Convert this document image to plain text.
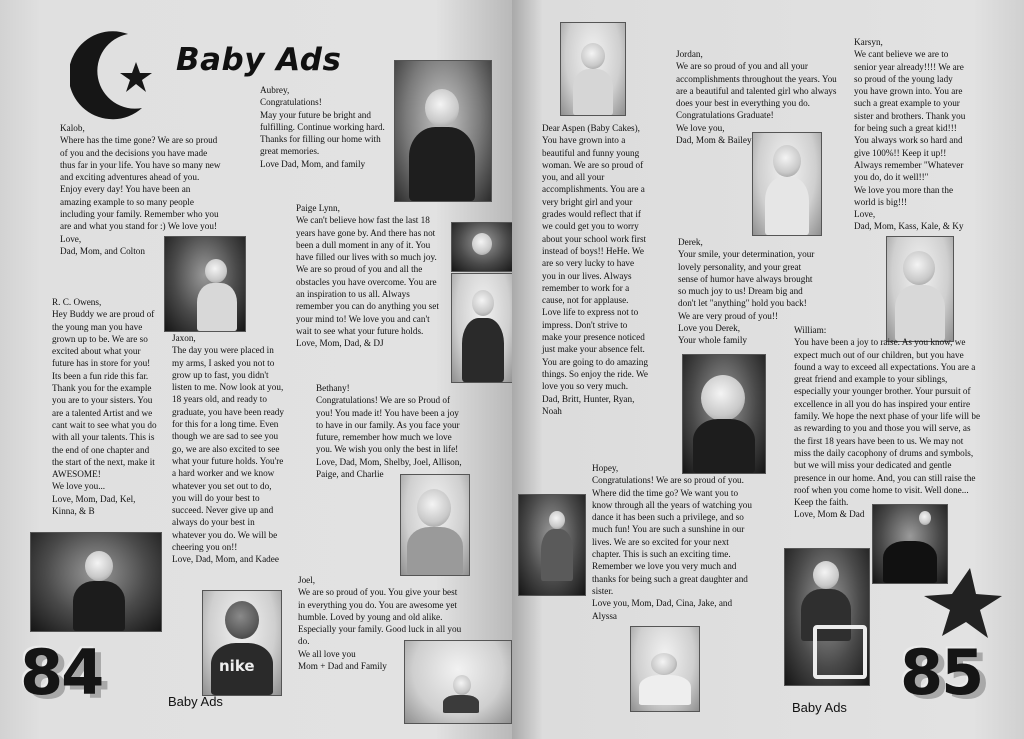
Baby Ads

Kalob,
Where has the time gone? We are so proud
of you and the decisions you have made
thus far in your life. You have so many new
and exciting adventures ahead of you.
Enjoy every day! You have been an
amazing example to so many people
including your family. Remember who you
are and what you stand for :) We love you!
Love,
Dad, Mom, and Colton

Aubrey,
Congratulations!
May your future be bright and
fulfilling. Continue working hard.
Thanks for filling our home with
great memories.
Love Dad, Mom, and family

Paige Lynn,
We can't believe how fast the last 18
years have gone by. And there has not
been a dull moment in any of it. You
have filled our lives with so much joy.
We are so proud of you and all the
obstacles you have overcome. You are
an inspiration to us all. Always
remember you can do anything you set
your mind to! We love you and can't
wait to see what your future holds.
Love, Mom, Dad, & DJ

R. C. Owens,
Hey Buddy we are proud of
the young man you have
grown up to be. We are so
excited about what your
future has in store for you!
Its been a fun ride this far.
Thank you for the example
you are to your sisters. You
are a talented Artist and we
cant wait to see what you do
with all your talents. This is
the end of one chapter and
the start of the next, make it
AWESOME!
We love you...
Love, Mom, Dad, Kel,
Kinna, & B

Jaxon,
The day you were placed in
my arms, I asked you not to
grow up to fast, you didn't
listen to me. Now look at you,
18 years old, and ready to
graduate, you have been ready
for this for a long time. Even
though we are sad to see you
go, we are also excited to see
what your future holds. You're
a hard worker and we know
whatever you set out to do,
you will do your best to
succeed. Never give up and
always do your best in
whatever you do. We will be
cheering you on!!
Love, Dad, Mom, and Kadee

Bethany!
Congratulations! We are so Proud of
you! You made it! You have been a joy
to have in our family. As you face your
future, remember how much we love
you. We wish you only the best in life!
Love, Dad, Mom, Shelby, Joel, Allison,
Paige, and Charlie

nike

Joel,
We are so proud of you. You give your best
in everything you do. You are awesome yet
humble. Loved by young and old alike.
Especially your family. Good luck in all you
do.
We all love you
Mom + Dad and Family

84	Baby Ads

Dear Aspen (Baby Cakes),
You have grown into a
beautiful and funny young
woman. We are so proud of
you, and all your
accomplishments. You are a
very bright girl and your
grades would reflect that if
we could get you to worry
about your school work first
instead of boys!! HeHe. We
are so very lucky to have
you in our lives. Always
remember to work for a
cause, not for applause.
Love life to express not to
impress. Don't strive to
make your presence noticed
just make your absence felt.
You are going to do amazing
things. So enjoy the ride. We
love you so very much.
Dad, Britt, Hunter, Ryan,
Noah

Jordan,
We are so proud of you and all your
accomplishments throughout the years. You
are a beautiful and talented girl who always
does your best in everything you do.
Congratulations Graduate!
We love you,
Dad, Mom & Bailey

Karsyn,
We cant believe we are to
senior year already!!!! We are
so proud of the young lady
you have grown into. You are
such a great example to your
sister and brothers. Thank you
for being such a great kid!!!
You always work so hard and
give 100%!! Keep it up!!
Always remember "Whatever
you do, do it well!!"
We love you more than the
world is big!!!
Love,
Dad, Mom, Kass, Kale, & Ky

Derek,
Your smile, your determination, your
lovely personality, and your great
sense of humor have always brought
so much joy to us! Dream big and
don't let "anything" hold you back!
We are very proud of you!!
Love you Derek,
Your whole family

William:
You have been a joy to raise. As you know, we
expect much out of our children, but you have
found a way to exceed all expectations. You are a
great friend and example to your siblings,
especially your younger brother. Your pursuit of
excellence in all you do has inspired your entire
family. We hope the next phase of your life will be
as rewarding to you and those you will serve, as
the first 18 years have been to us. We may not
miss the daily cacophony of drums and symbols,
but we will miss your dedicated and gentle
presence in our home. And, you can still raise the
roof when you come home to visit. Well done...
Keep the faith.
Love, Mom & Dad

Hopey,
Congratulations! We are so proud of you.
Where did the time go? We want you to
know through all the years of watching you
dance it has been such a privilege, and so
much fun! You are such a sunshine in our
lives. We are so excited for your next
chapter. This is such an exciting time.
Remember we love you very much and
thanks for being such a great daughter and
sister.
Love you, Mom, Dad, Cina, Jake, and
Alyssa

85

Baby Ads
